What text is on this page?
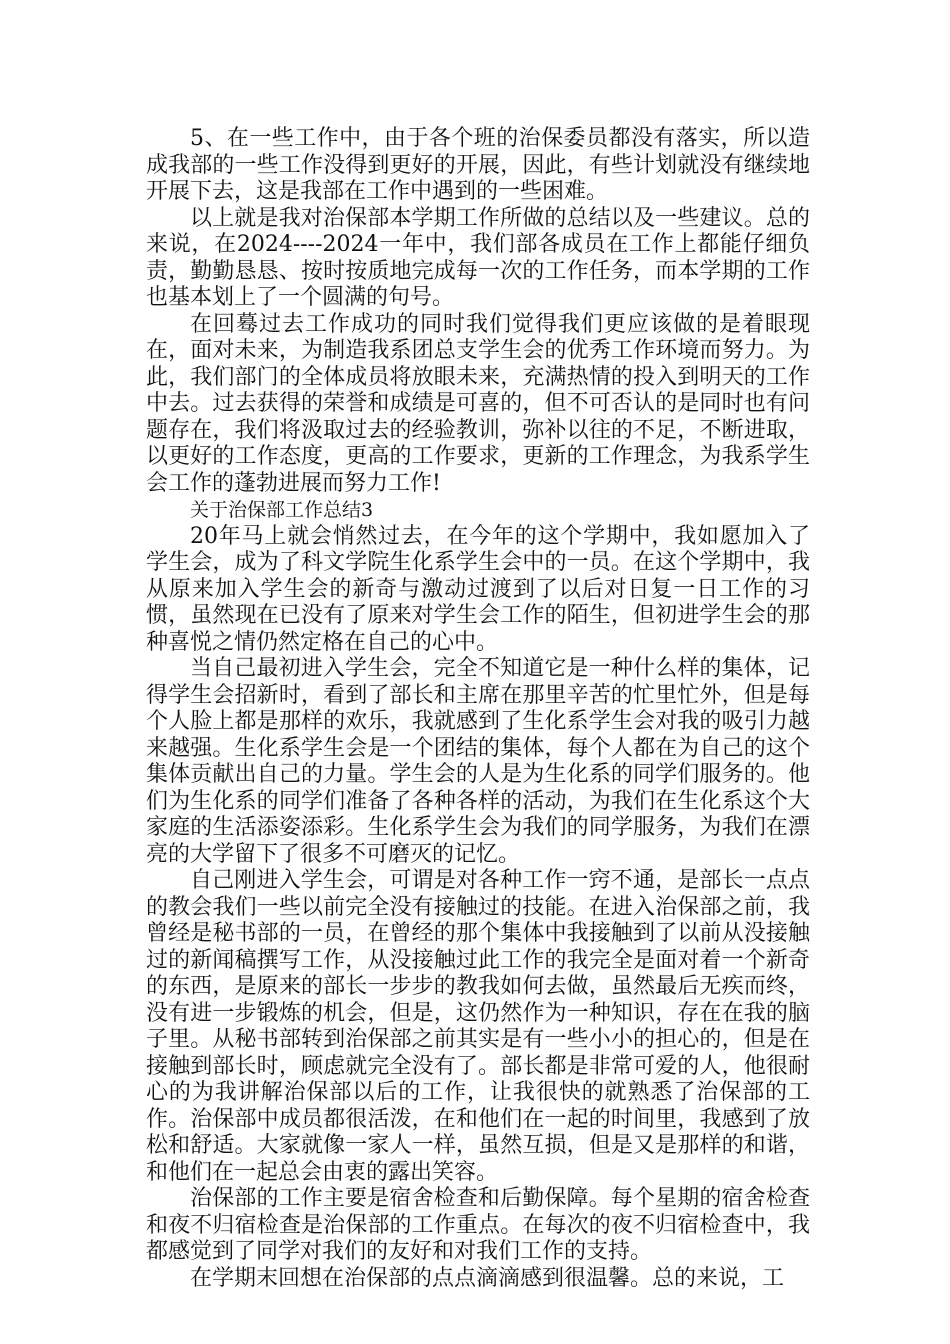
5、在一些工作中，由于各个班的治保委员都没有落实，所以造成我部的一些工作没得到更好的开展，因此，有些计划就没有继续地开展下去，这是我部在工作中遇到的一些困难。

以上就是我对治保部本学期工作所做的总结以及一些建议。总的来说，在2024----2024一年中，我们部各成员在工作上都能仔细负责，勤勤恳恳、按时按质地完成每一次的工作任务，而本学期的工作也基本划上了一个圆满的句号。

在回蓦过去工作成功的同时我们觉得我们更应该做的是着眼现在，面对未来，为制造我系团总支学生会的优秀工作环境而努力。为此，我们部门的全体成员将放眼未来，充满热情的投入到明天的工作中去。过去获得的荣誉和成绩是可喜的，但不可否认的是同时也有问题存在，我们将汲取过去的经验教训，弥补以往的不足，不断进取，以更好的工作态度，更高的工作要求，更新的工作理念，为我系学生会工作的蓬勃进展而努力工作!

关于治保部工作总结3

20年马上就会悄然过去，在今年的这个学期中，我如愿加入了学生会，成为了科文学院生化系学生会中的一员。在这个学期中，我从原来加入学生会的新奇与激动过渡到了以后对日复一日工作的习惯，虽然现在已没有了原来对学生会工作的陌生，但初进学生会的那种喜悦之情仍然定格在自己的心中。

当自己最初进入学生会，完全不知道它是一种什么样的集体，记得学生会招新时，看到了部长和主席在那里辛苦的忙里忙外，但是每个人脸上都是那样的欢乐，我就感到了生化系学生会对我的吸引力越来越强。生化系学生会是一个团结的集体，每个人都在为自己的这个集体贡献出自己的力量。学生会的人是为生化系的同学们服务的。他们为生化系的同学们准备了各种各样的活动，为我们在生化系这个大家庭的生活添姿添彩。生化系学生会为我们的同学服务，为我们在漂亮的大学留下了很多不可磨灭的记忆。

自己刚进入学生会，可谓是对各种工作一窍不通，是部长一点点的教会我们一些以前完全没有接触过的技能。在进入治保部之前，我曾经是秘书部的一员，在曾经的那个集体中我接触到了以前从没接触过的新闻稿撰写工作，从没接触过此工作的我完全是面对着一个新奇的东西，是原来的部长一步步的教我如何去做，虽然最后无疾而终，没有进一步锻炼的机会，但是，这仍然作为一种知识，存在在我的脑子里。从秘书部转到治保部之前其实是有一些小小的担心的，但是在接触到部长时，顾虑就完全没有了。部长都是非常可爱的人，他很耐心的为我讲解治保部以后的工作，让我很快的就熟悉了治保部的工作。治保部中成员都很活泼，在和他们在一起的时间里，我感到了放松和舒适。大家就像一家人一样，虽然互损，但是又是那样的和谐，和他们在一起总会由衷的露出笑容。

治保部的工作主要是宿舍检查和后勤保障。每个星期的宿舍检查和夜不归宿检查是治保部的工作重点。在每次的夜不归宿检查中，我都感觉到了同学对我们的友好和对我们工作的支持。

在学期末回想在治保部的点点滴滴感到很温馨。总的来说，工
